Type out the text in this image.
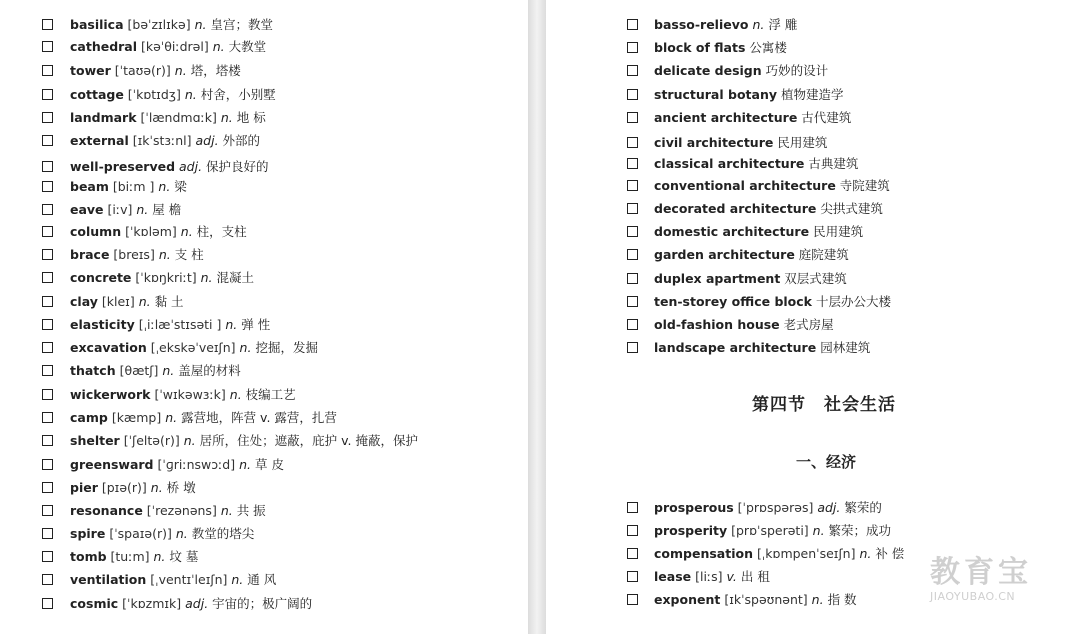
basilica [bəˈzɪlɪkə] n. 皇宫；教堂
cathedral [kəˈθiːdrəl] n. 大教堂
tower [ˈtaʊə(r)] n. 塔，塔楼
cottage [ˈkɒtɪdʒ] n. 村舍，小别墅
landmark [ˈlændmɑːk] n. 地 标
external [ɪkˈstɜːnl] adj. 外部的
well-preserved adj. 保护良好的
beam [biːm ] n. 梁
eave [iːv] n. 屋 檐
column [ˈkɒləm] n. 柱，支柱
brace [breɪs] n. 支 柱
concrete [ˈkɒŋkriːt] n. 混凝土
clay [kleɪ] n. 黏 土
elasticity [ˌiːlæˈstɪsəti ] n. 弹 性
excavation [ˌekskəˈveɪʃn] n. 挖掘，发掘
thatch [θætʃ] n. 盖屋的材料
wickerwork [ˈwɪkəwɜːk] n. 枝编工艺
camp [kæmp] n. 露营地，阵营 v. 露营，扎营
shelter [ˈʃeltə(r)] n. 居所，住处；遮蔽，庇护 v. 掩蔽，保护
greensward [ˈɡriːnswɔːd] n. 草 皮
pier [pɪə(r)] n. 桥 墩
resonance [ˈrezənəns] n. 共 振
spire [ˈspaɪə(r)] n. 教堂的塔尖
tomb [tuːm] n. 坟 墓
ventilation [ˌventɪˈleɪʃn] n. 通 风
cosmic [ˈkɒzmɪk] adj. 宇宙的；极广阔的
第四节　社会生活
一、经济
basso-relievo n. 浮 雕
block of flats 公寓楼
delicate design 巧妙的设计
structural botany 植物建造学
ancient architecture 古代建筑
civil architecture 民用建筑
classical architecture 古典建筑
conventional architecture 寺院建筑
decorated architecture 尖拱式建筑
domestic architecture 民用建筑
garden architecture 庭院建筑
duplex apartment 双层式建筑
ten-storey office block 十层办公大楼
old-fashion house 老式房屋
landscape architecture 园林建筑
prosperous [ˈprɒspərəs] adj. 繁荣的
prosperity [prɒˈsperəti] n. 繁荣；成功
compensation [ˌkɒmpenˈseɪʃn] n. 补 偿
lease [liːs] v. 出 租
exponent [ɪkˈspəʊnənt] n. 指 数
教育宝
JIAOYUBAO.CN
